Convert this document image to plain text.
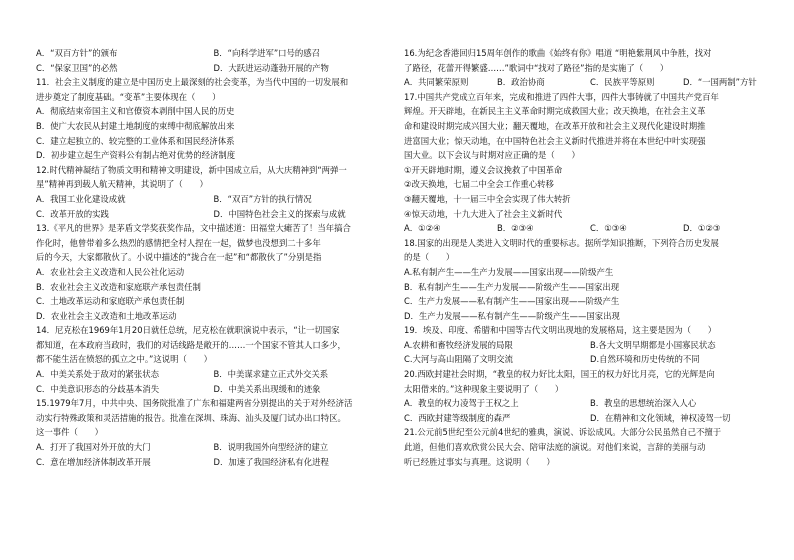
A．“双百方针”的颁布	B．“向科学进军”口号的感召
C．“保家卫国”的必然	D．大跃进运动蓬勃开展的产物
11．社会主义制度的建立是中国历史上最深刻的社会变革，为当代中国的一切发展和
进步奠定了制度基础。“变革”主要体现在（　　）
A．彻底结束帝国主义和官僚资本剥削中国人民的历史
B．使广大农民从封建土地制度的束缚中彻底解放出来
C．建立起独立的、较完整的工业体系和国民经济体系
D．初步建立起生产资料公有制占绝对优势的经济制度
12.时代精神凝结了物质文明和精神文明建设，新中国成立后，从大庆精神到“两弹一
星”精神再到载人航天精神，其说明了（　　）
A．我国工业化建设成就	B．“双百”方针的执行情况
C．改革开放的实践	D．中国特色社会主义的探索与成就
13.《平凡的世界》是茅盾文学奖获奖作品，文中描述道：田福堂大瘫苦了！当年搞合
作化时，他曾带着多么热烈的感情把全村人捏在一起，做梦也没想到二十多年
后的今天，大家都散伙了。小说中描述的“拢合在一起”和“都散伙了”分别是指
A．农业社会主义改造和人民公社化运动
B．农业社会主义改造和家庭联产承包责任制
C．土地改革运动和家庭联产承包责任制
D．农业社会主义改造和土地改革运动
14．尼克松在1969年1月20日就任总统，尼克松在就职演说中表示，“让一切国家
都知道，在本政府当政时，我们的对话线路是敞开的……一个国家不管其人口多少，
都不能生活在愤怒的孤立之中。”这说明（　　）
A．中美关系处于敌对的紧张状态	B．中美谋求建立正式外交关系
C．中美意识形态的分歧基本消失	D．中美关系出现缓和的迹象
15.1979年7月，中共中央、国务院批准了广东和福建两省分别提出的关于对外经济活
动实行特殊政策和灵活措施的报告。批准在深圳、珠海、汕头及厦门试办出口特区。
这一事件（　　）
A．打开了我国对外开放的大门	B．说明我国外向型经济的建立
C．意在增加经济体制改革开展	D．加速了我国经济私有化进程
16.为纪念香港回归15周年创作的歌曲《始终有你》唱道 “明艳紫荆风中争胜，找对
了路径，花蕾开得繁盛……”歌词中“找对了路径”指的是实施了（　　）
A．共同繁荣原则	B．政治协商	C．民族平等原则	D．“一国两制”方针
17.中国共产党成立百年来，完成和推进了四件大事，四件大事铸就了中国共产党百年
辉煌。开天辟地，在新民主主义革命时期完成救国大业；改天换地，在社会主义革
命和建设时期完成兴国大业；翻天覆地，在改革开放和社会主义现代化建设时期推
进富国大业；惊天动地，在中国特色社会主义新时代推进并将在本世纪中叶实现强
国大业。以下会议与时期对应正确的是（　　）
①开天辟地时期，遵义会议挽救了中国革命
②改天换地，七届二中全会工作重心转移
③翻天覆地，十一届三中全会实现了伟大转折
④惊天动地，十九大进入了社会主义新时代
A．①②④	B．②③④	C．①③④	D．①②③
18.国家的出现是人类进入文明时代的重要标志。据所学知识推断，下列符合历史发展
的是（　　）
A.私有制产生——生产力发展——国家出现——阶级产生
B．私有制产生——生产力发展——阶级产生——国家出现
C．生产力发展——私有制产生——国家出现——阶级产生
D．生产力发展——私有制产生——阶级产生——国家出现
19．埃及、印度、希腊和中国等古代文明出现地的发展格局，这主要是因为（　　）
A.农耕和畜牧经济发展的局限	B.各大文明早期都是小国寡民状态
C.大河与高山阻隔了文明交流	D.自然环境和历史传统的不同
20.西欧封建社会时期，“教皇的权力好比太阳，国王的权力好比月亮，它的光辉是向
太阳借来的。”这种现象主要说明了（　　）
A．教皇的权力凌驾于王权之上	B．教皇的思想统治深入人心
C．西欧封建等级制度的森严	D．在精神和文化领域，神权凌驾一切
21.公元前5世纪至公元前4世纪的雅典，演说、诉讼成风。大部分公民虽然自己不擅于
此道，但他们喜欢欣赏公民大会、陪审法庭的演说。对他们来说，言辞的美丽与动
听已经胜过事实与真理。这说明（　　）
